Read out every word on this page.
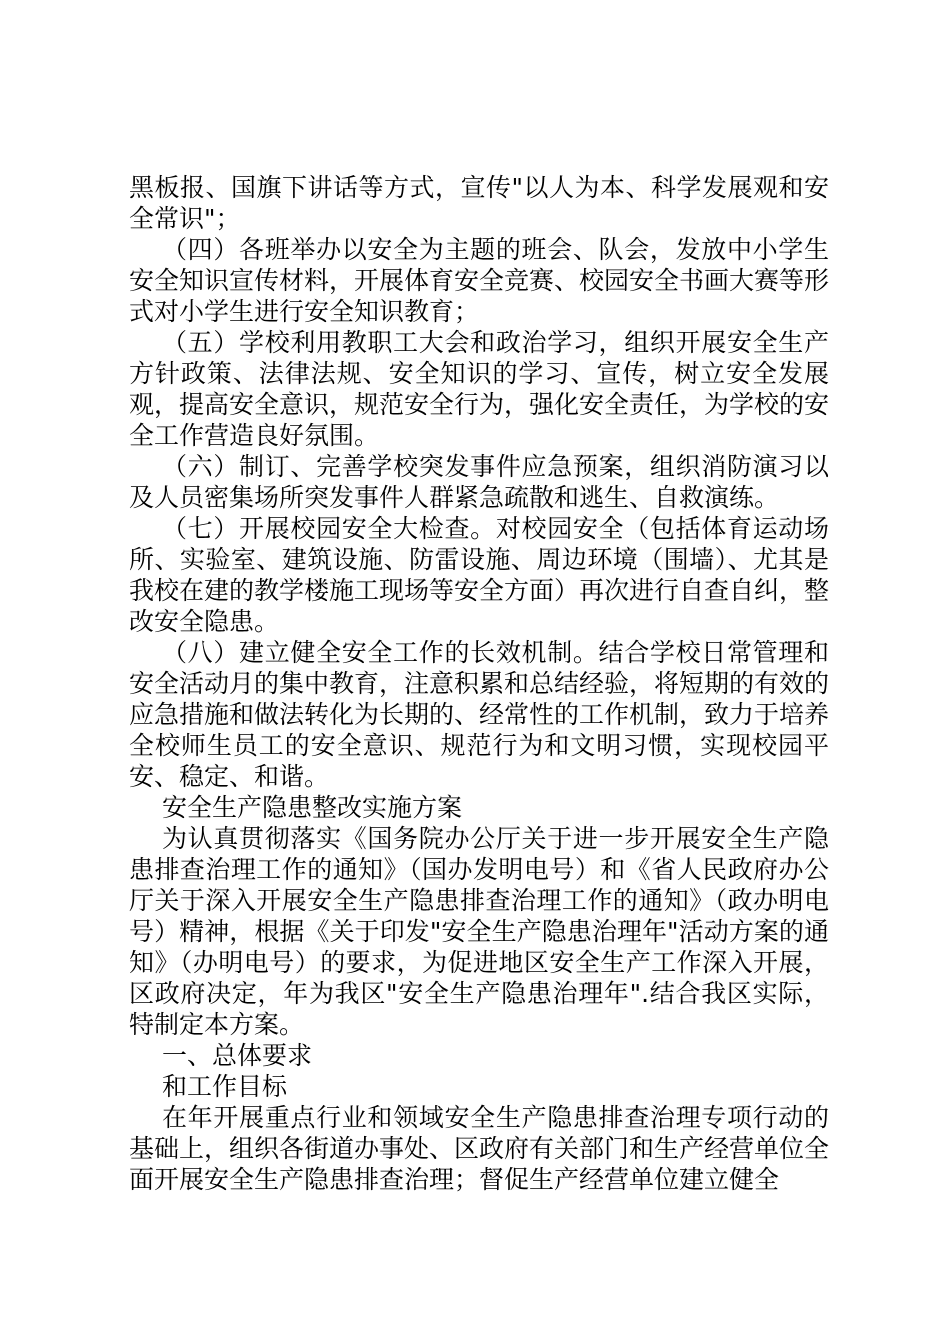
黑板报、国旗下讲话等方式，宣传"以人为本、科学发展观和安全常识"；

（四）各班举办以安全为主题的班会、队会，发放中小学生安全知识宣传材料，开展体育安全竞赛、校园安全书画大赛等形式对小学生进行安全知识教育；

（五）学校利用教职工大会和政治学习，组织开展安全生产方针政策、法律法规、安全知识的学习、宣传，树立安全发展观，提高安全意识，规范安全行为，强化安全责任，为学校的安全工作营造良好氛围。

（六）制订、完善学校突发事件应急预案，组织消防演习以及人员密集场所突发事件人群紧急疏散和逃生、自救演练。

（七）开展校园安全大检查。对校园安全（包括体育运动场所、实验室、建筑设施、防雷设施、周边环境（围墙）、尤其是我校在建的教学楼施工现场等安全方面）再次进行自查自纠，整改安全隐患。

（八）建立健全安全工作的长效机制。结合学校日常管理和安全活动月的集中教育，注意积累和总结经验，将短期的有效的应急措施和做法转化为长期的、经常性的工作机制，致力于培养全校师生员工的安全意识、规范行为和文明习惯，实现校园平安、稳定、和谐。

安全生产隐患整改实施方案

为认真贯彻落实《国务院办公厅关于进一步开展安全生产隐患排查治理工作的通知》（国办发明电号）和《省人民政府办公厅关于深入开展安全生产隐患排查治理工作的通知》（政办明电号）精神，根据《关于印发"安全生产隐患治理年"活动方案的通知》（办明电号）的要求，为促进地区安全生产工作深入开展，区政府决定，年为我区"安全生产隐患治理年".结合我区实际，特制定本方案。

一、总体要求

和工作目标

在年开展重点行业和领域安全生产隐患排查治理专项行动的基础上，组织各街道办事处、区政府有关部门和生产经营单位全面开展安全生产隐患排查治理；督促生产经营单位建立健全
